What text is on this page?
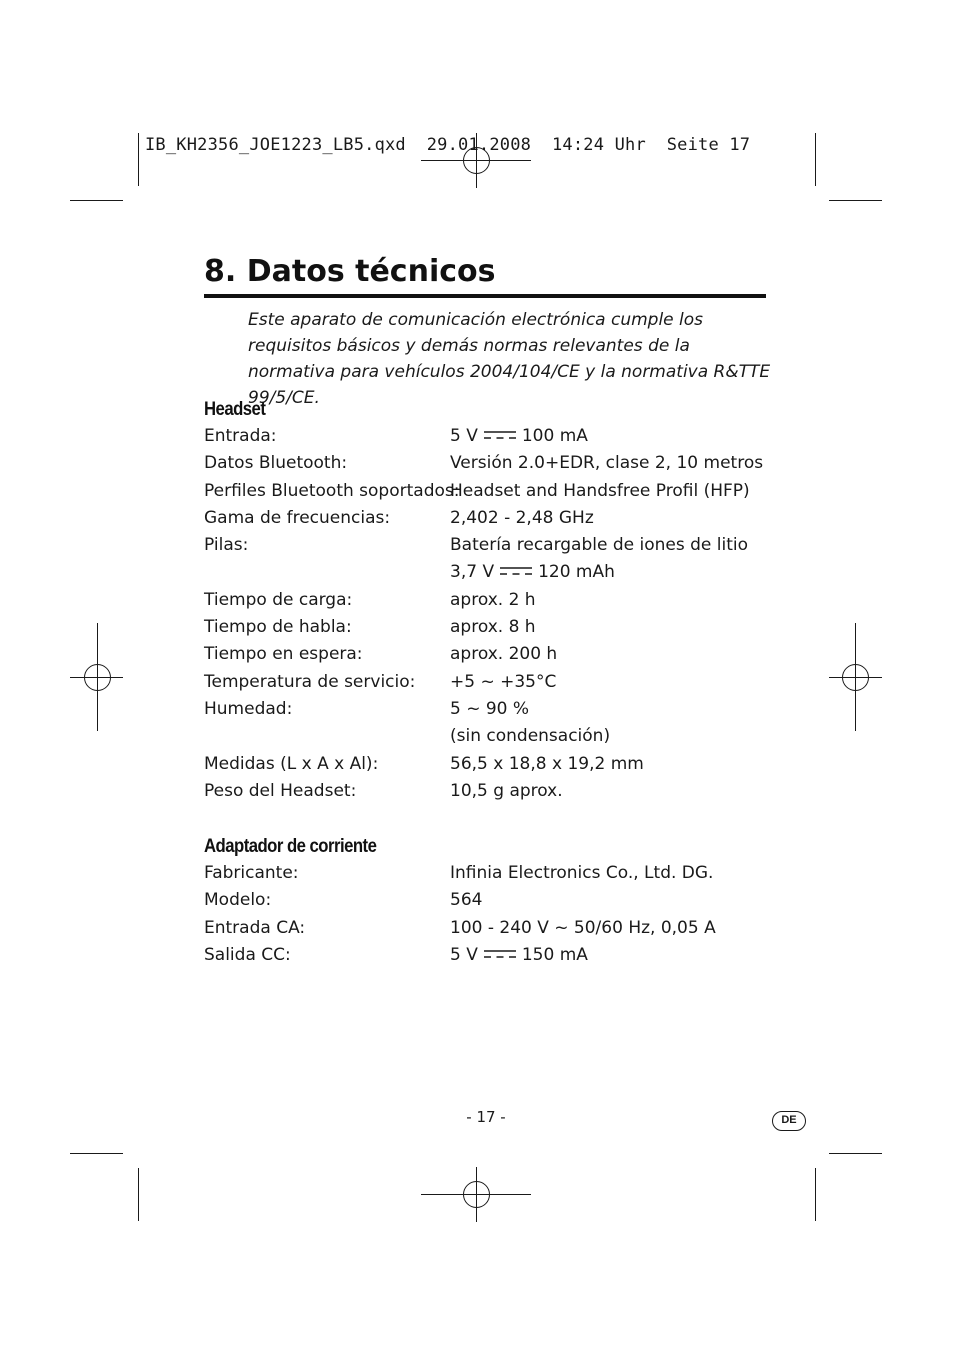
IB_KH2356_JOE1223_LB5.qxd  29.01.2008  14:24 Uhr  Seite 17
8. Datos técnicos

Este aparato de comunicación electrónica cumple los requisitos básicos y demás normas relevantes de la normativa para vehículos 2004/104/CE y la normativa R&TTE 99/5/CE.

Headset
Entrada:	5 V	100 mA
Datos Bluetooth:	Versión 2.0+EDR, clase 2, 10 metros
Perfiles Bluetooth soportados:
Headset and Handsfree Profil (HFP)
Gama de frecuencias:	2,402 - 2,48 GHz
Pilas:	Batería recargable de iones de litio
3,7 V	120 mAh
Tiempo de carga:	aprox. 2 h
Tiempo de habla:	aprox. 8 h
Tiempo en espera:	aprox. 200 h
Temperatura de servicio: +5 ~ +35°C
Humedad:	5 ~ 90 %
(sin condensación)
Medidas (L x A x Al):	56,5 x 18,8 x 19,2 mm
Peso del Headset:	10,5 g aprox.
Adaptador de corriente
Fabricante:	Infinia Electronics Co., Ltd. DG.
Modelo:	564
Entrada CA:	100 - 240 V ~ 50/60 Hz, 0,05 A
Salida CC:	5 V	150 mA
- 17 -	DE
